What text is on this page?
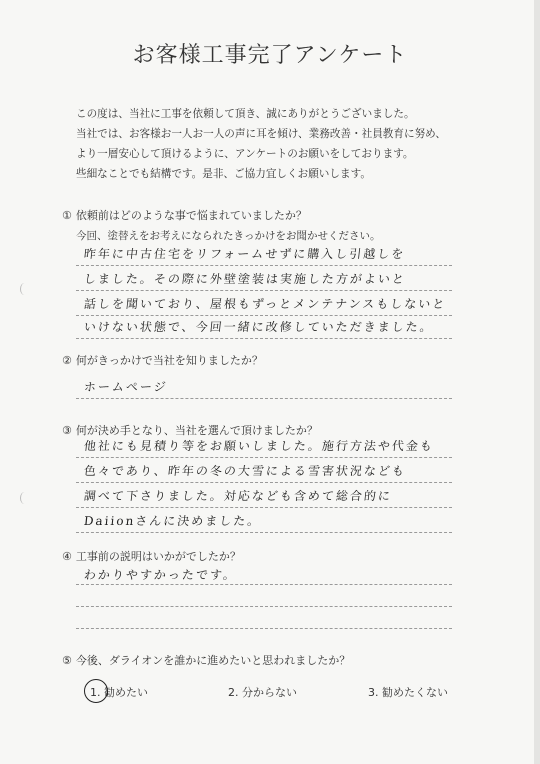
お客様工事完了アンケート
この度は、当社に工事を依頼して頂き、誠にありがとうございました。
当社では、お客様お一人お一人の声に耳を傾け、業務改善・社員教育に努め、
より一層安心して頂けるように、アンケートのお願いをしております。
些細なことでも結構です。是非、ご協力宜しくお願いします。
① 依頼前はどのような事で悩まれていましたか？
今回、塗替えをお考えになられたきっかけをお聞かせください。
昨年に中古住宅をリフォームせずに購入し引越しを
しました。その際に外壁塗装は実施した方がよいと
話しを聞いており、屋根もずっとメンテナンスもしないと
いけない状態で、今回一緒に改修していただきました。
② 何がきっかけで当社を知りましたか？
ホームページ
③ 何が決め手となり、当社を選んで頂けましたか？
他社にも見積り等をお願いしました。施行方法や代金も
色々であり、昨年の冬の大雪による雪害状況なども
調べて下さりました。対応なども含めて総合的に
Daiionさんに決めました。
④ 工事前の説明はいかがでしたか？
わかりやすかったです。
⑤ 今後、ダライオンを誰かに進めたいと思われましたか？
1. 勧めたい	2. 分からない	3. 勧めたくない
